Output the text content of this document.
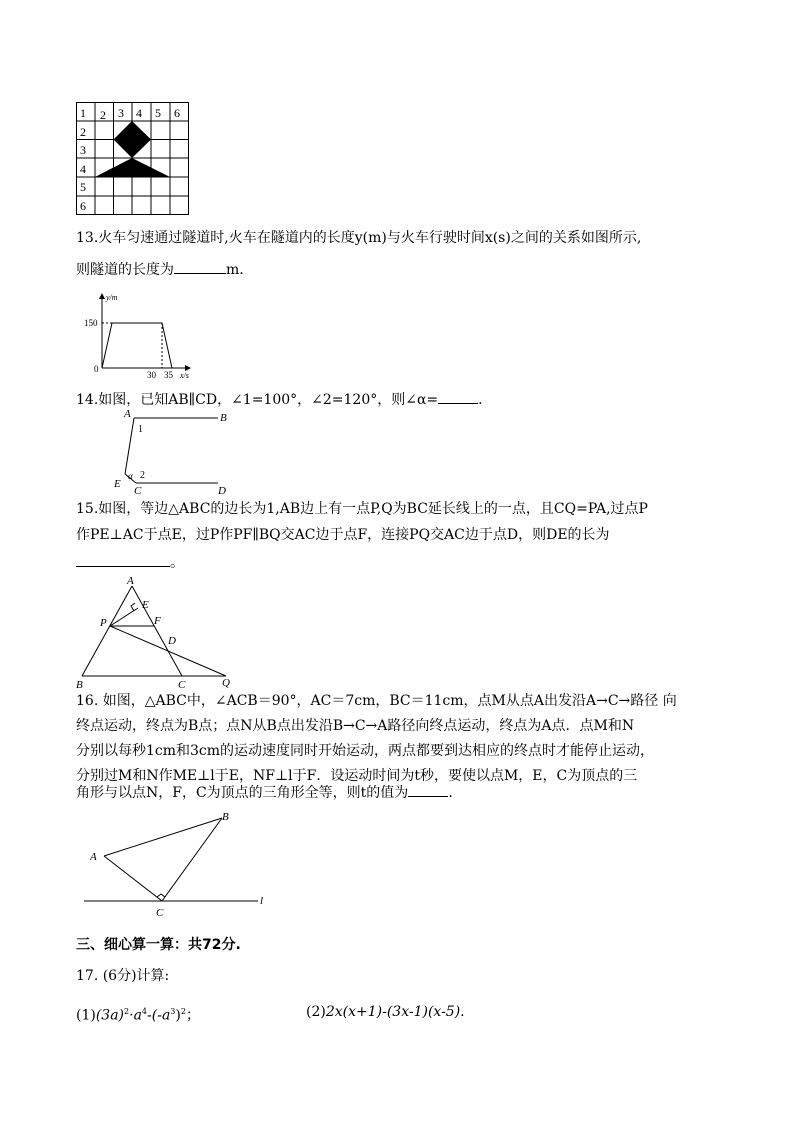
1 2 3 4 5 6
2
3
4
5
6
13.火车匀速通过隧道时,火车在隧道内的长度y(m)与火车行驶时间x(s)之间的关系如图所示,
则隧道的长度为	m.
y/m
x/s
150
0
30 35
14.如图，已知AB∥CD，∠1=100°，∠2=120°，则∠α=	.
A	B
E
C	D
α
1
2
15.如图，等边△ABC的边长为1,AB边上有一点P,Q为BC延长线上的一点，且CQ=PA,过点P
作PE⊥AC于点E，过P作PF∥BQ交AC边于点F，连接PQ交AC边于点D，则DE的长为
。
A
E
P	F
D
B	C	Q
16. 如图，△ABC中，∠ACB＝90°，AC＝7cm，BC＝11cm，点M从点A出发沿A→C→路径 向
终点运动，终点为B点；点N从B点出发沿B→C→A路径向终点运动，终点为A点．点M和N
分别以每秒1cm和3cm的运动速度同时开始运动，两点都要到达相应的终点时才能停止运动，
分别过M和N作ME⊥l于E，NF⊥l于F．设运动时间为t秒，要使以点M，E，C为顶点的三
角形与以点N，F，C为顶点的三角形全等，则t的值为	.
A
B
C
l
三、细心算一算：共72分.
17. (6分)计算:
$(1)(3a)^2\cdot a^4-(-a^3)^2$；	(2)2x(x+1)-(3x-1)(x-5).
